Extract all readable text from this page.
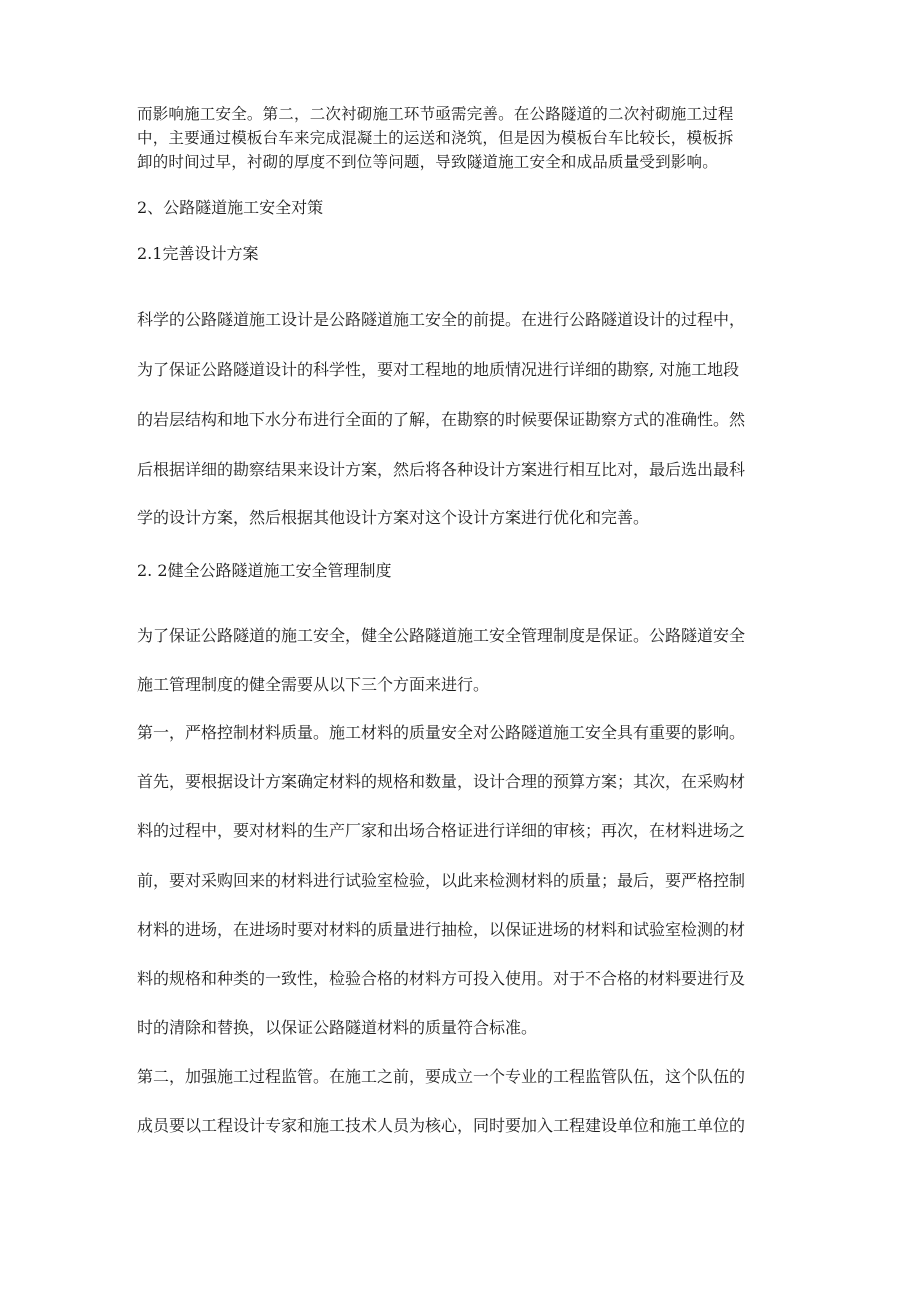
而影响施工安全。第二，二次衬砌施工环节亟需完善。在公路隧道的二次衬砌施工过程

中，主要通过模板台车来完成混凝土的运送和浇筑，但是因为模板台车比较长，模板拆

卸的时间过早，衬砌的厚度不到位等问题，导致隧道施工安全和成品质量受到影响。

2、公路隧道施工安全对策

2.1完善设计方案

科学的公路隧道施工设计是公路隧道施工安全的前提。在进行公路隧道设计的过程中，

为了保证公路隧道设计的科学性，要对工程地的地质情况进行详细的勘察, 对施工地段

的岩层结构和地下水分布进行全面的了解，在勘察的时候要保证勘察方式的准确性。然

后根据详细的勘察结果来设计方案，然后将各种设计方案进行相互比对，最后选出最科

学的设计方案，然后根据其他设计方案对这个设计方案进行优化和完善。

2. 2健全公路隧道施工安全管理制度

为了保证公路隧道的施工安全，健全公路隧道施工安全管理制度是保证。公路隧道安全

施工管理制度的健全需要从以下三个方面来进行。

第一，严格控制材料质量。施工材料的质量安全对公路隧道施工安全具有重要的影响。

首先，要根据设计方案确定材料的规格和数量，设计合理的预算方案；其次，在采购材

料的过程中，要对材料的生产厂家和出场合格证进行详细的审核；再次，在材料进场之

前，要对采购回来的材料进行试验室检验，以此来检测材料的质量；最后，要严格控制

材料的进场，在进场时要对材料的质量进行抽检，以保证进场的材料和试验室检测的材

料的规格和种类的一致性，检验合格的材料方可投入使用。对于不合格的材料要进行及

时的清除和替换，以保证公路隧道材料的质量符合标准。

第二，加强施工过程监管。在施工之前，要成立一个专业的工程监管队伍，这个队伍的

成员要以工程设计专家和施工技术人员为核心，同时要加入工程建设单位和施工单位的
